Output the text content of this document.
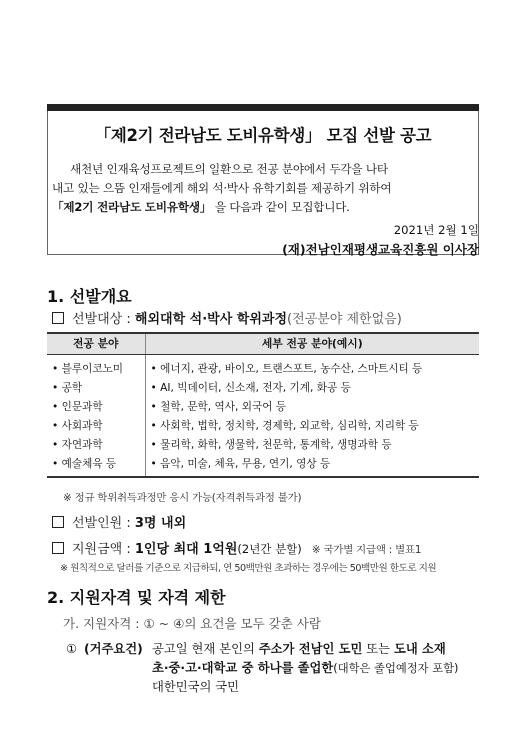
「제2기 전라남도 도비유학생」 모집 선발 공고
새천년 인재육성프로젝트의 일환으로 전공 분야에서 두각을 나타
내고 있는 으뜸 인재들에게 해외 석·박사 유학기회를 제공하기 위하여
「제2기 전라남도 도비유학생」 을 다음과 같이 모집합니다.
2021년 2월 1일
(재)전남인재평생교육진흥원 이사장
1. 선발개요
선발대상 : 해외대학 석·박사 학위과정(전공분야 제한없음)
전공 분야	세부 전공 분야(예시)
• 블루이코노미	• 에너지, 관광, 바이오, 트랜스포트, 농수산, 스마트시티 등
• 공학	• AI, 빅데이터, 신소재, 전자, 기계, 화공 등
• 인문과학	• 철학, 문학, 역사, 외국어 등
• 사회과학	• 사회학, 법학, 정치학, 경제학, 외교학, 심리학, 지리학 등
• 자연과학	• 물리학, 화학, 생물학, 천문학, 통계학, 생명과학 등
• 예술체육 등	• 음악, 미술, 체육, 무용, 연기, 영상 등
※ 정규 학위취득과정만 응시 가능(자격취득과정 불가)
선발인원 : 3명 내외
지원금액 : 1인당 최대 1억원(2년간 분할) ※ 국가별 지급액 : 별표1
※ 원칙적으로 달러를 기준으로 지급하되, 연 50백만원 초과하는 경우에는 50백만원 한도로 지원
2. 지원자격 및 자격 제한
가. 지원자격 : ① ~ ④의 요건을 모두 갖춘 사람
① (거주요건) 공고일 현재 본인의 주소가 전남인 도민 또는 도내 소재
초·중·고·대학교 중 하나를 졸업한(대학은 졸업예정자 포함)
대한민국의 국민
